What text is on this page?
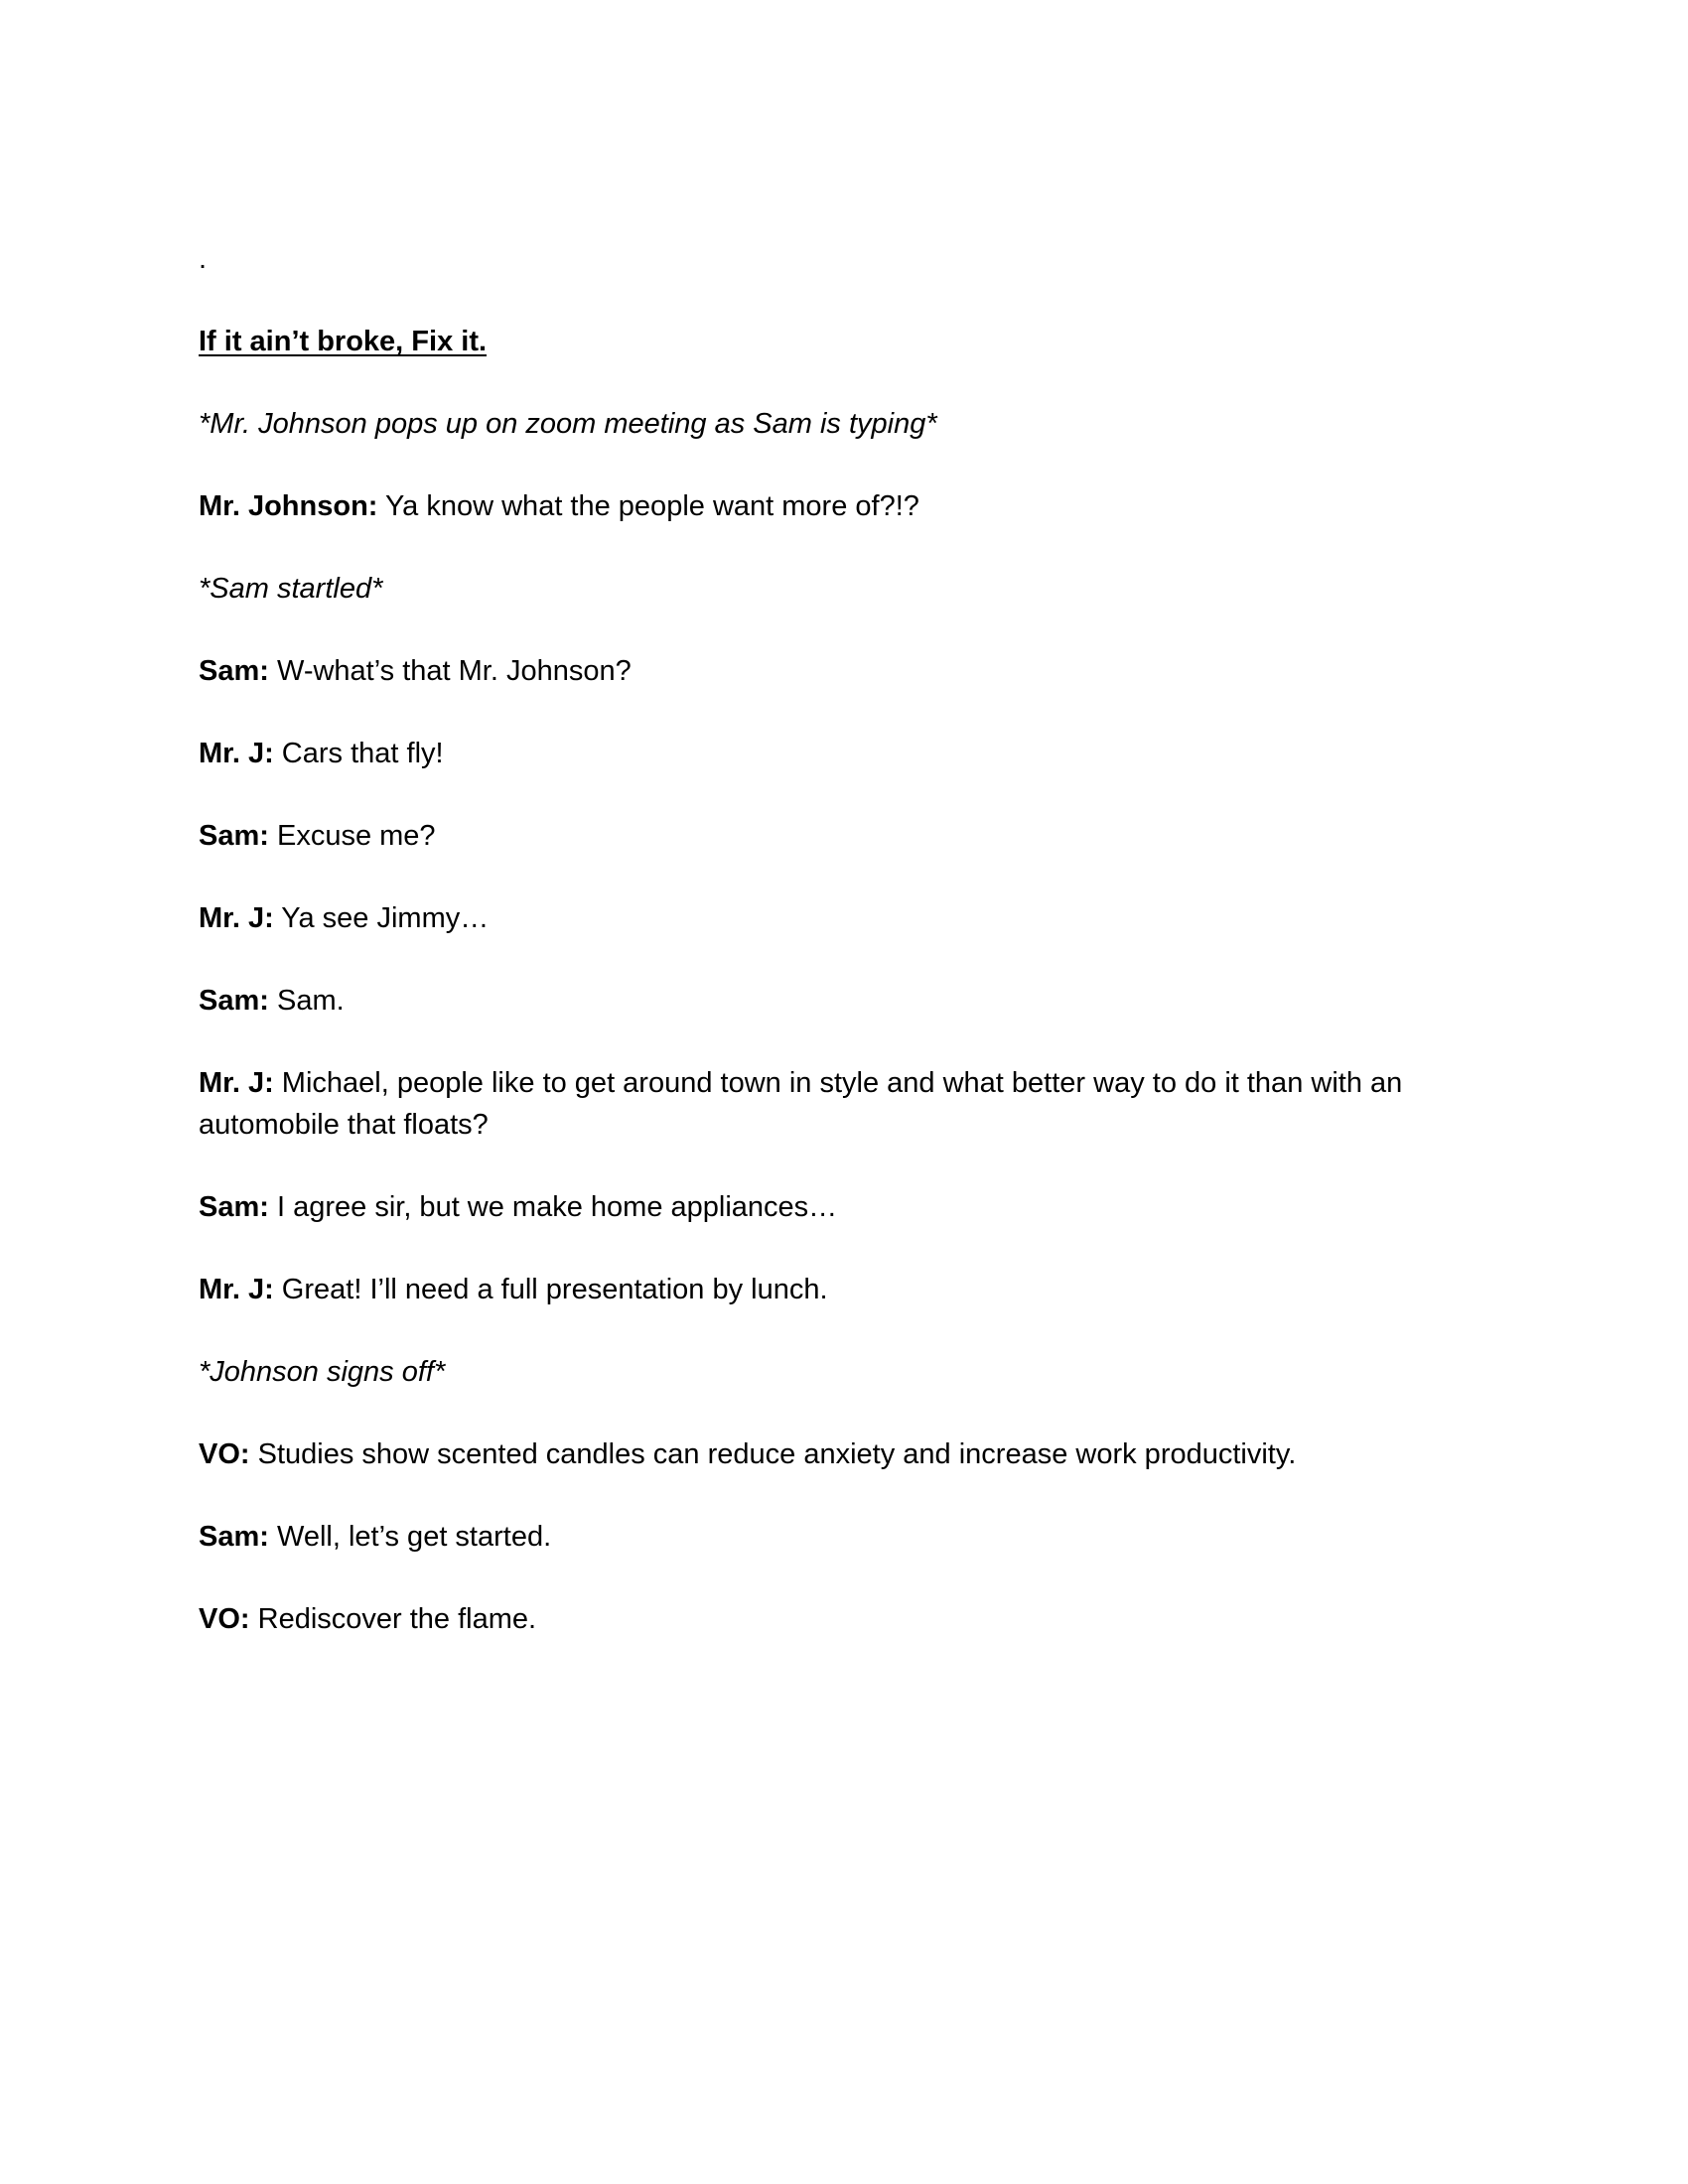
.

If it ain’t broke, Fix it.

*Mr. Johnson pops up on zoom meeting as Sam is typing*

Mr. Johnson: Ya know what the people want more of?!?

*Sam startled*

Sam: W-what’s that Mr. Johnson?

Mr. J: Cars that fly!

Sam: Excuse me?

Mr. J: Ya see Jimmy…

Sam: Sam.

Mr. J: Michael, people like to get around town in style and what better way to do it than with an automobile that floats?

Sam: I agree sir, but we make home appliances…

Mr. J: Great! I’ll need a full presentation by lunch.

*Johnson signs off*

VO: Studies show scented candles can reduce anxiety and increase work productivity.

Sam: Well, let’s get started.

VO: Rediscover the flame.
